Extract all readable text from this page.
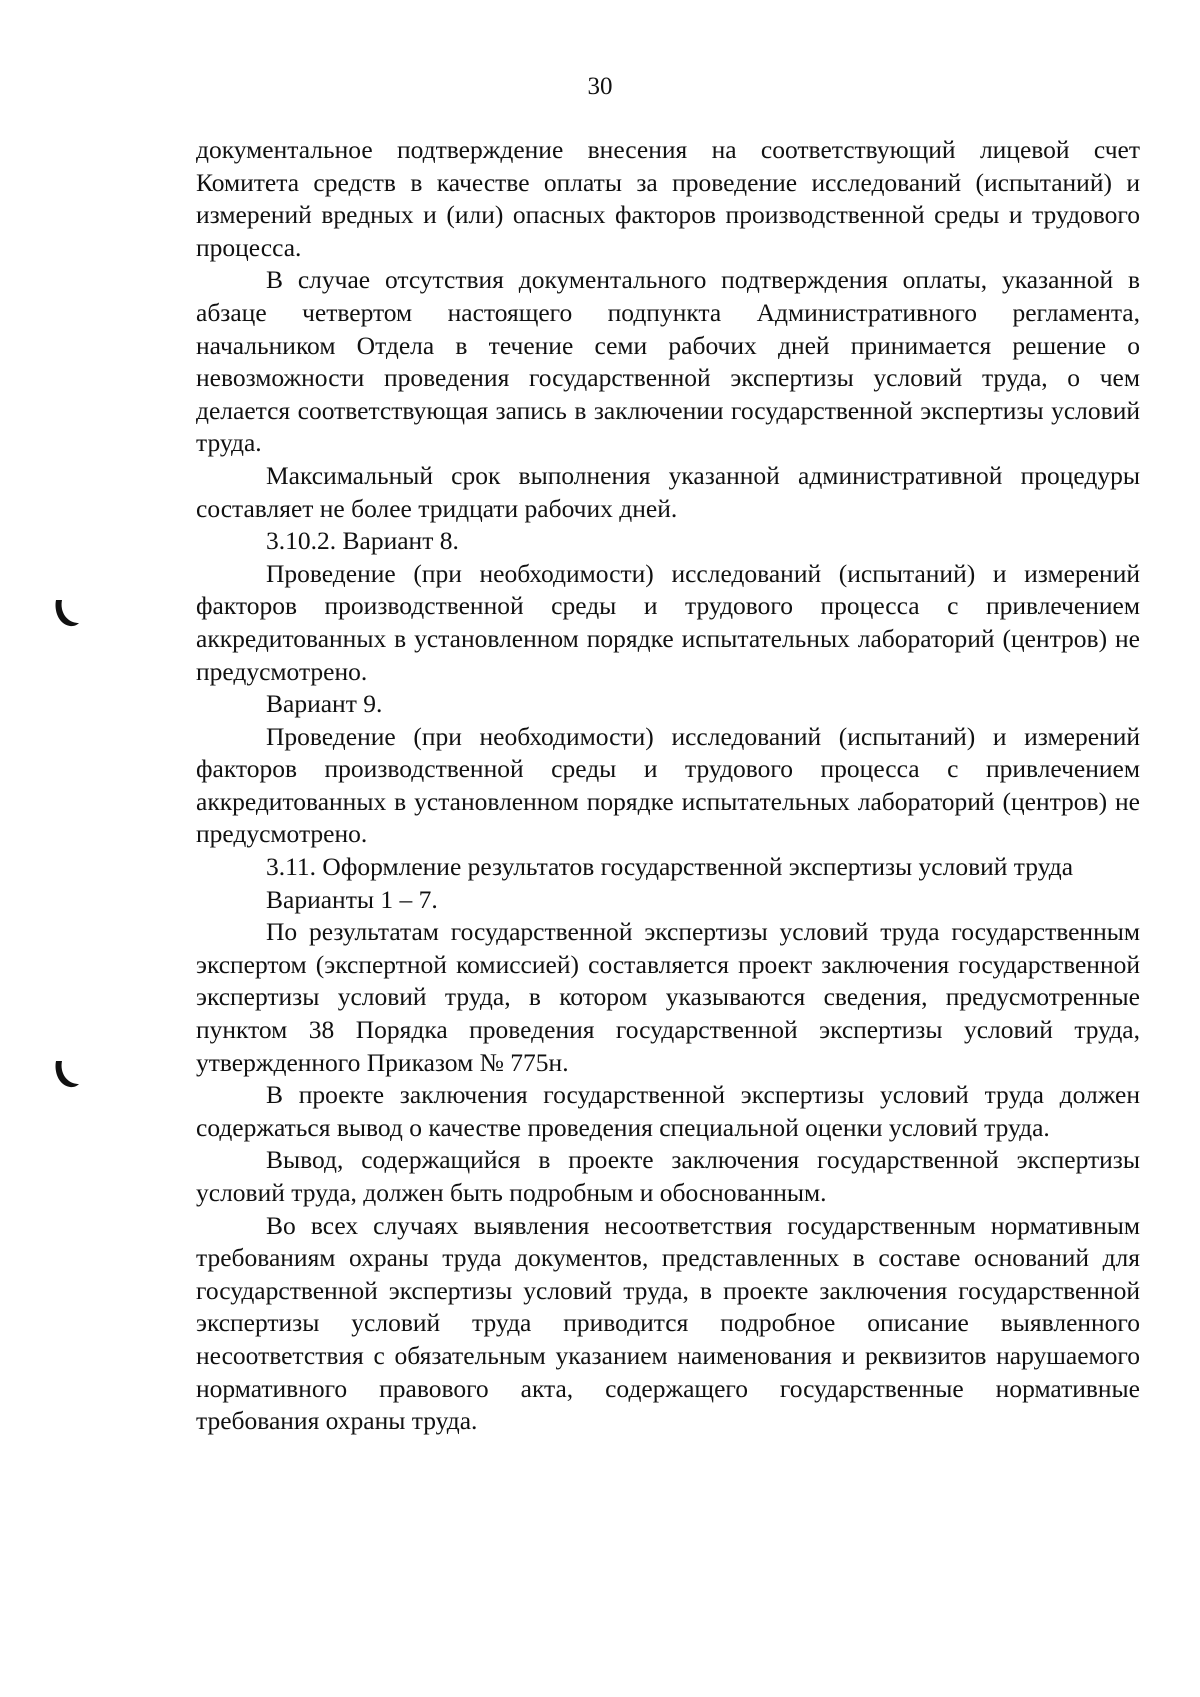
30

документальное подтверждение внесения на соответствующий лицевой счет Комитета средств в качестве оплаты за проведение исследований (испытаний) и измерений вредных и (или) опасных факторов производственной среды и трудового процесса.

В случае отсутствия документального подтверждения оплаты, указанной в абзаце четвертом настоящего подпункта Административного регламента, начальником Отдела в течение семи рабочих дней принимается решение о невозможности проведения государственной экспертизы условий труда, о чем делается соответствующая запись в заключении государственной экспертизы условий труда.

Максимальный срок выполнения указанной административной процедуры составляет не более тридцати рабочих дней.

3.10.2. Вариант 8.

Проведение (при необходимости) исследований (испытаний) и измерений факторов производственной среды и трудового процесса с привлечением аккредитованных в установленном порядке испытательных лабораторий (центров) не предусмотрено.

Вариант 9.

Проведение (при необходимости) исследований (испытаний) и измерений факторов производственной среды и трудового процесса с привлечением аккредитованных в установленном порядке испытательных лабораторий (центров) не предусмотрено.

3.11. Оформление результатов государственной экспертизы условий труда

Варианты 1 – 7.

По результатам государственной экспертизы условий труда государственным экспертом (экспертной комиссией) составляется проект заключения государственной экспертизы условий труда, в котором указываются сведения, предусмотренные пунктом 38 Порядка проведения государственной экспертизы условий труда, утвержденного Приказом № 775н.

В проекте заключения государственной экспертизы условий труда должен содержаться вывод о качестве проведения специальной оценки условий труда.

Вывод, содержащийся в проекте заключения государственной экспертизы условий труда, должен быть подробным и обоснованным.

Во всех случаях выявления несоответствия государственным нормативным требованиям охраны труда документов, представленных в составе оснований для государственной экспертизы условий труда, в проекте заключения государственной экспертизы условий труда приводится подробное описание выявленного несоответствия с обязательным указанием наименования и реквизитов нарушаемого нормативного правового акта, содержащего государственные нормативные требования охраны труда.
